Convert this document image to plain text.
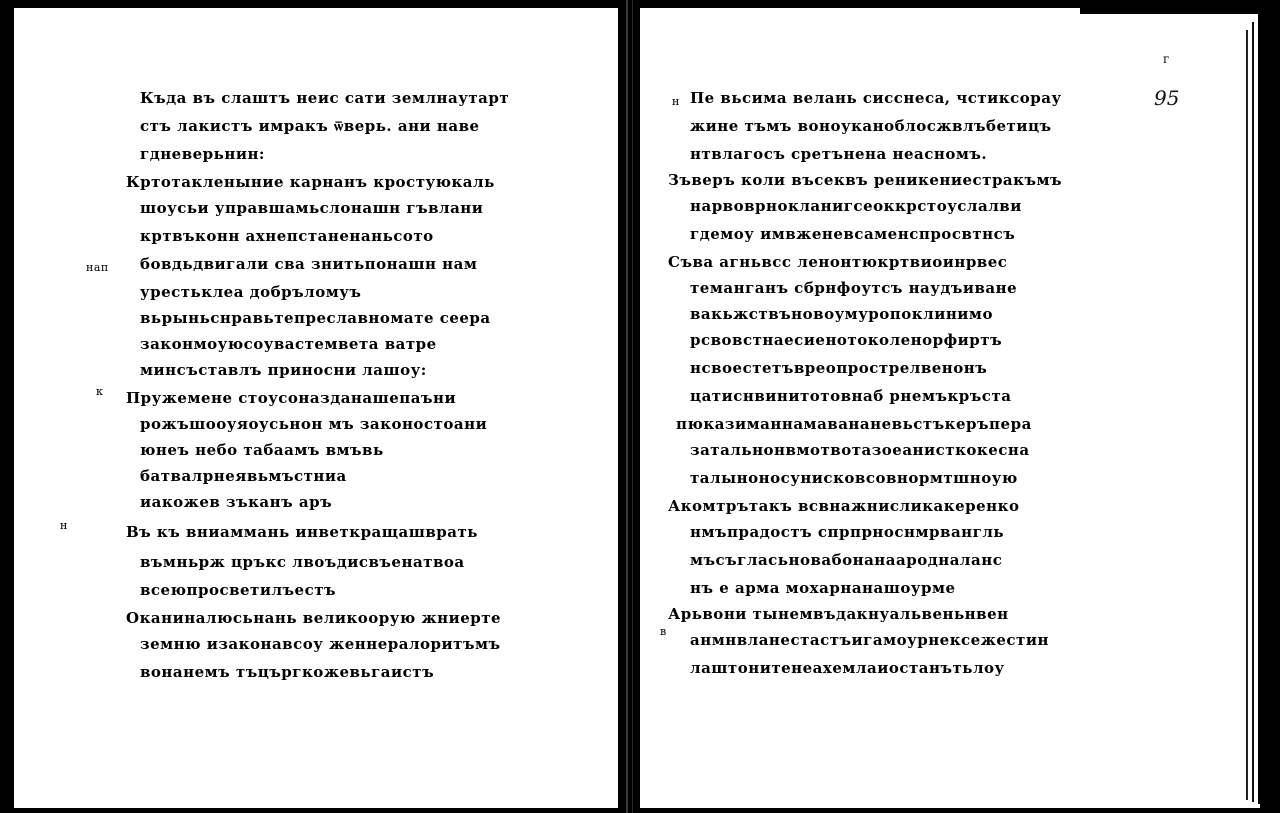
95
г
Къда въ слаштъ неис сати землнаутарт
стъ лакистъ имракъ ѿверь. ани наве
гдневерьнин:
Кртотакленыние карнанъ кростуюкаль
шоусьи управшамьслонашн гъвлани
кртвъконн ахнепстаненаньсото
бовдьдвигали сва знитьпонашн нам
урестьклеа добръломуъ
вьрыньснравьтепреславномате сеера
законмоуюсоувастемвета ватре
минсъставлъ приносни лашоу:
Пружемене стоусоназданашепаъни
рожъшооуяоусьнон мъ законостоани
юнеъ небо табаамъ вмъвь
батвалрнеявьмъстниа
иакожев зъканъ аръ
Въ къ вниаммань инветкращашврать
въмньрж цръкс лвоъдисвъенатвоа
всеюпросветилъестъ
Оканиналюсьнань великоорую жниерте
земню изаконавсоу женнералоритъмъ
вонанемъ тъцъргкожевьгаистъ
нап
к
н
Пе вьсима велань сисснеса, чстиксорау
жине тъмъ воноуканоблосжвлъбетицъ
нтвлагосъ сретънена неасномъ.
Зъверъ коли въсеквъ реникениестракъмъ
нарвоврнокланигсеоккрстоуслалви
гдемоу имвженевсаменспросвтнсъ
Съва агньвсс ленонтюкртвиоинрвес
теманганъ сбрнфоутсъ наудъиване
вакьжствъновоумуропоклинимо
рсвовстнаесиенотоколенорфиртъ
нсвоестетъвреопрострелвенонъ
цатиснвинитотовнаб рнемъкръста
пюказиманнамавананевьстъкеръпера
затальнонвмотвотазоеанисткокесна
талыноносунисковсовнормтшноую
Акомтрътакъ всвнажнисликакеренко
нмъпрадостъ спрпрноснмрвангль
мъсъгласьновабонанаародналанс
нъ е арма мохарнанашоурме
Арьвони тынемвъдакнуальвеньнвен
анмнвланестастъигамоурнексежестин
лаштонитенеахемлаиостанътьлоу
н
в
